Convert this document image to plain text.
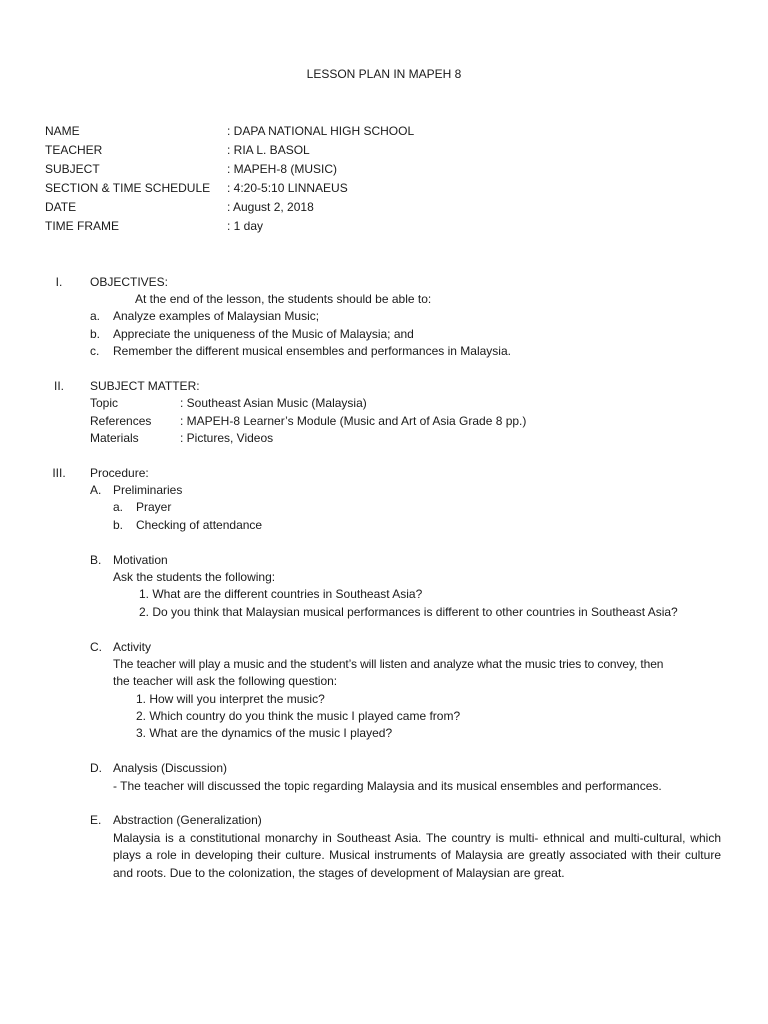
LESSON PLAN IN MAPEH 8
NAME	: DAPA NATIONAL HIGH SCHOOL
TEACHER	: RIA L. BASOL
SUBJECT	: MAPEH-8 (MUSIC)
SECTION & TIME SCHEDULE : 4:20-5:10 LINNAEUS
DATE	: August 2, 2018
TIME FRAME	: 1 day
I.	OBJECTIVES:
At the end of the lesson, the students should be able to:
a.	Analyze examples of Malaysian Music;
b.	Appreciate the uniqueness of the Music of Malaysia; and
c.	Remember the different musical ensembles and performances in Malaysia.
II.	SUBJECT MATTER:
Topic	: Southeast Asian Music (Malaysia)
References : MAPEH-8 Learner’s Module (Music and Art of Asia Grade 8 pp.)
Materials	: Pictures, Videos
III.	Procedure:
A. Preliminaries
a.	Prayer
b.	Checking of attendance
B. Motivation
Ask the students the following:
1. What are the different countries in Southeast Asia?
2. Do you think that Malaysian musical performances is different to other countries in Southeast Asia?
C. Activity
The teacher will play a music and the student’s will listen and analyze what the music tries to convey, then
the teacher will ask the following question:
1. How will you interpret the music?
2. Which country do you think the music I played came from?
3. What are the dynamics of the music I played?
D. Analysis (Discussion)
- The teacher will discussed the topic regarding Malaysia and its musical ensembles and performances.
E. Abstraction (Generalization)
Malaysia is a constitutional monarchy in Southeast Asia. The country is multi- ethnical and multi-cultural, which plays a role in developing their culture. Musical instruments of Malaysia are greatly associated with their culture and roots. Due to the colonization, the stages of development of Malaysian are great.
